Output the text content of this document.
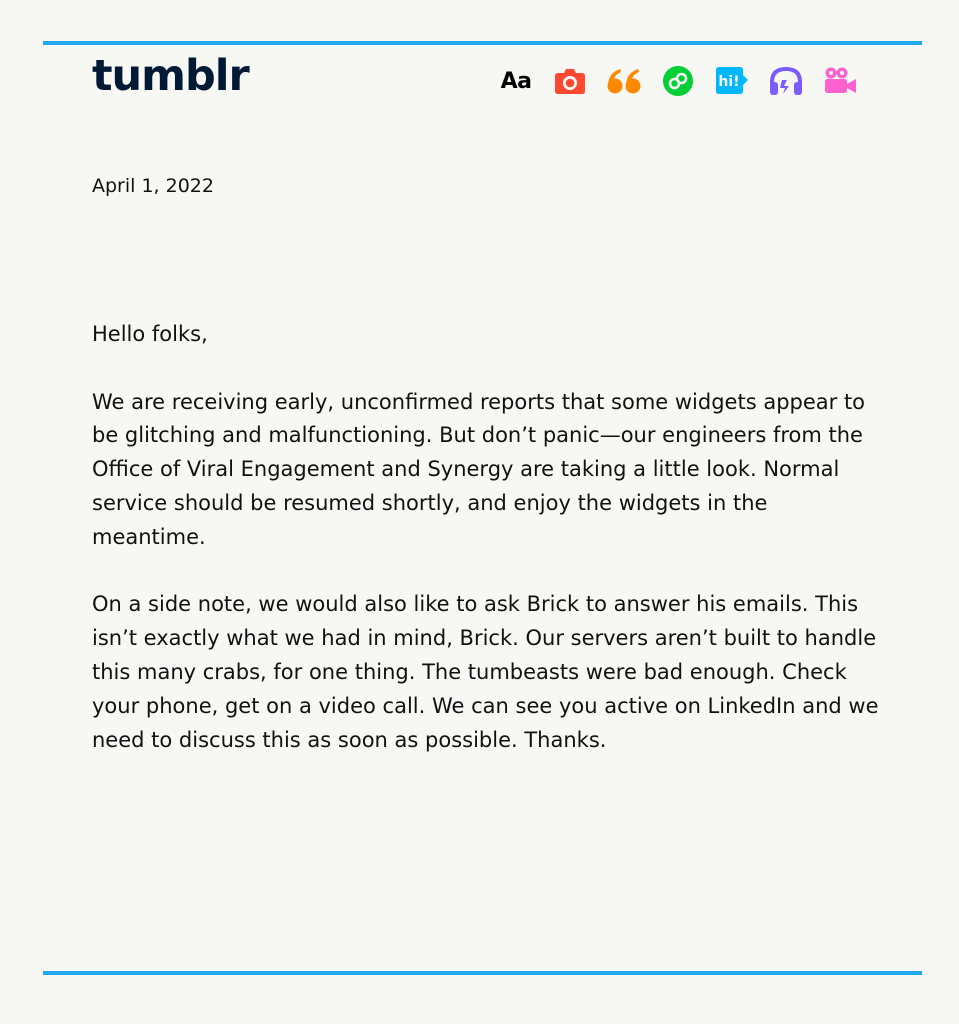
tumblr	Aa	hi!
April 1, 2022

Hello folks,

We are receiving early, unconfirmed reports that some widgets appear to be glitching and malfunctioning. But don’t panic—our engineers from the Office of Viral Engagement and Synergy are taking a little look. Normal service should be resumed shortly, and enjoy the widgets in the meantime.

On a side note, we would also like to ask Brick to answer his emails. This isn’t exactly what we had in mind, Brick. Our servers aren’t built to handle this many crabs, for one thing. The tumbeasts were bad enough. Check your phone, get on a video call. We can see you active on LinkedIn and we need to discuss this as soon as possible. Thanks.
